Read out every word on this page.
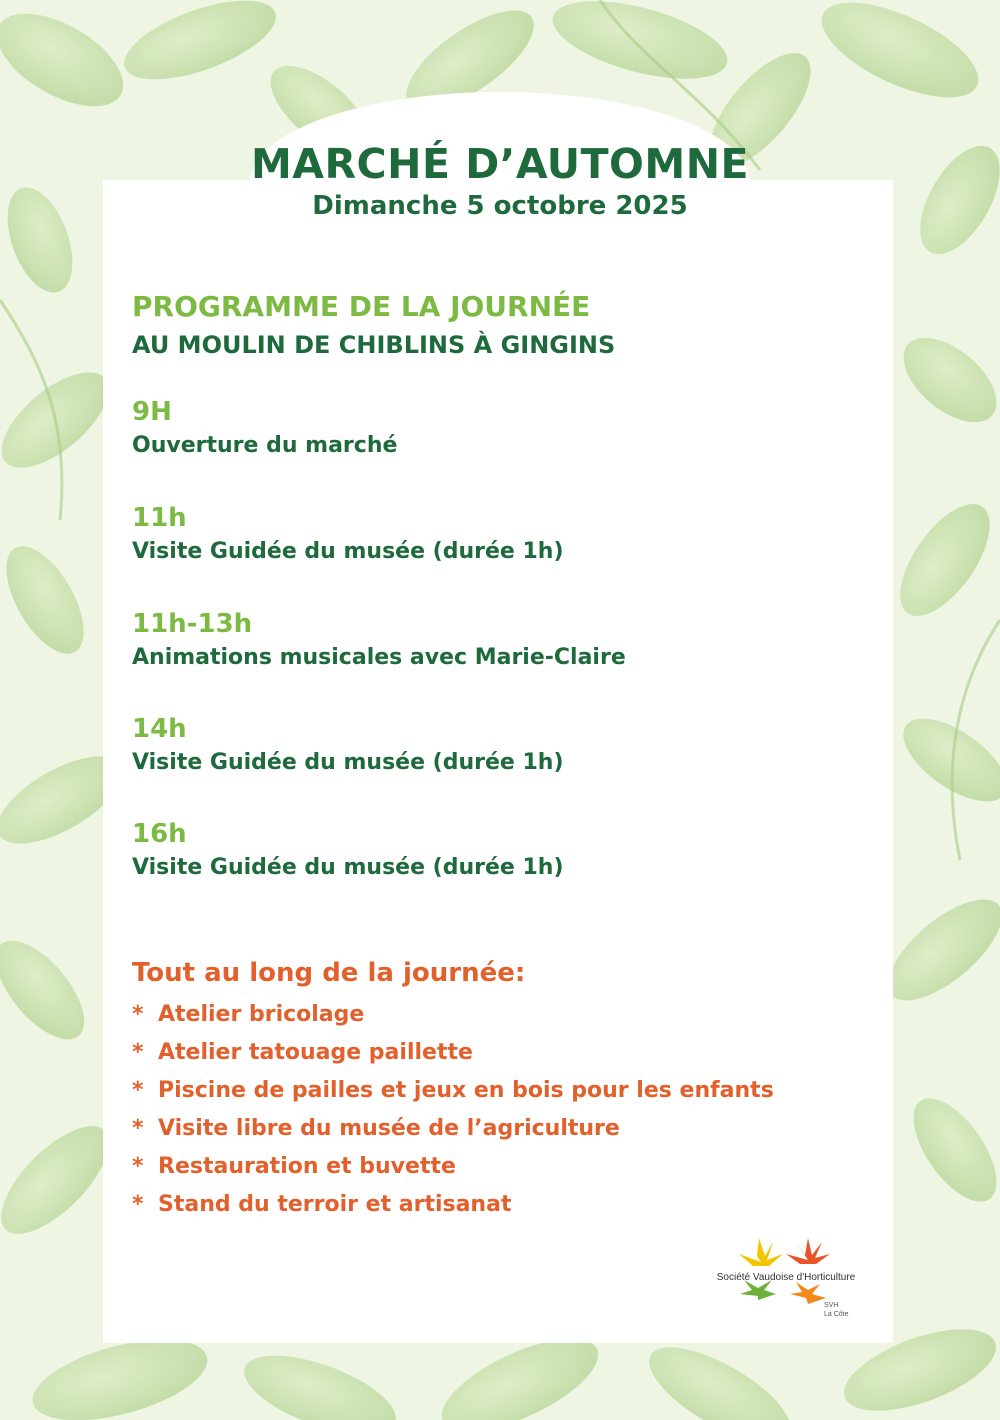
MARCHÉ D’AUTOMNE

Dimanche 5 octobre 2025

PROGRAMME DE LA JOURNÉE

AU MOULIN DE CHIBLINS À GINGINS

9H
Ouverture du marché
11h
Visite Guidée du musée (durée 1h)
11h-13h
Animations musicales avec Marie-Claire
14h
Visite Guidée du musée (durée 1h)
16h
Visite Guidée du musée (durée 1h)
Tout au long de la journée:
* Atelier bricolage
* Atelier tatouage paillette
* Piscine de pailles et jeux en bois pour les enfants
* Visite libre du musée de l’agriculture
* Restauration et buvette
* Stand du terroir et artisanat
Société Vaudoise d'Horticulture
SVH
La Côte
